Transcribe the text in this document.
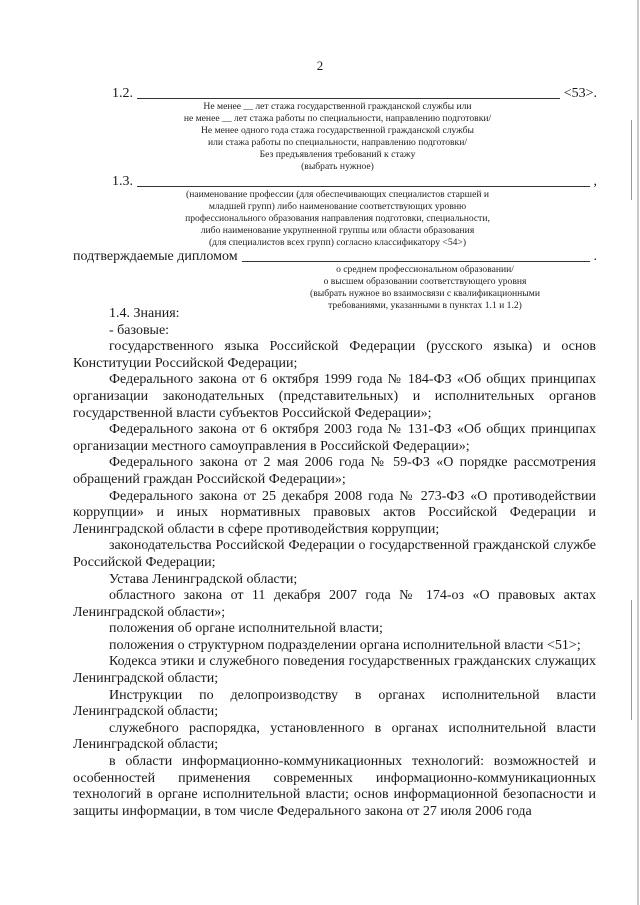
2
1.2.	<53>.
Не менее __ лет стажа государственной гражданской службы или
не менее __ лет стажа работы по специальности, направлению подготовки/
Не менее одного года стажа государственной гражданской службы
или стажа работы по специальности, направлению подготовки/
Без предъявления требований к стажу
(выбрать нужное)
1.3.	,
(наименование профессии (для обеспечивающих специалистов старшей и
младшей групп) либо наименование соответствующих уровню
профессионального образования направления подготовки, специальности,
либо наименование укрупненной группы или области образования
(для специалистов всех групп) согласно классификатору <54>)
подтверждаемые дипломом	.
о среднем профессиональном образовании/
о высшем образовании соответствующего уровня
(выбрать нужное во взаимосвязи с квалификационными
требованиями, указанными в пунктах 1.1 и 1.2)

1.4. Знания:

- базовые:

государственного языка Российской Федерации (русского языка) и основ Конституции Российской Федерации;

Федерального закона от 6 октября 1999 года № 184-ФЗ «Об общих принципах организации законодательных (представительных) и исполнительных органов государственной власти субъектов Российской Федерации»;

Федерального закона от 6 октября 2003 года № 131-ФЗ «Об общих принципах организации местного самоуправления в Российской Федерации»;

Федерального закона от 2 мая 2006 года № 59-ФЗ «О порядке рассмотрения обращений граждан Российской Федерации»;

Федерального закона от 25 декабря 2008 года № 273-ФЗ «О противодействии коррупции» и иных нормативных правовых актов Российской Федерации и Ленинградской области в сфере противодействия коррупции;

законодательства Российской Федерации о государственной гражданской службе Российской Федерации;

Устава Ленинградской области;

областного закона от 11 декабря 2007 года № 174-оз «О правовых актах Ленинградской области»;

положения об органе исполнительной власти;

положения о структурном подразделении органа исполнительной власти <51>;

Кодекса этики и служебного поведения государственных гражданских служащих Ленинградской области;

Инструкции по делопроизводству в органах исполнительной власти Ленинградской области;

служебного распорядка, установленного в органах исполнительной власти Ленинградской области;

в области информационно-коммуникационных технологий: возможностей и особенностей применения современных информационно-коммуникационных технологий в органе исполнительной власти; основ информационной безопасности и защиты информации, в том числе Федерального закона от 27 июля 2006 года
